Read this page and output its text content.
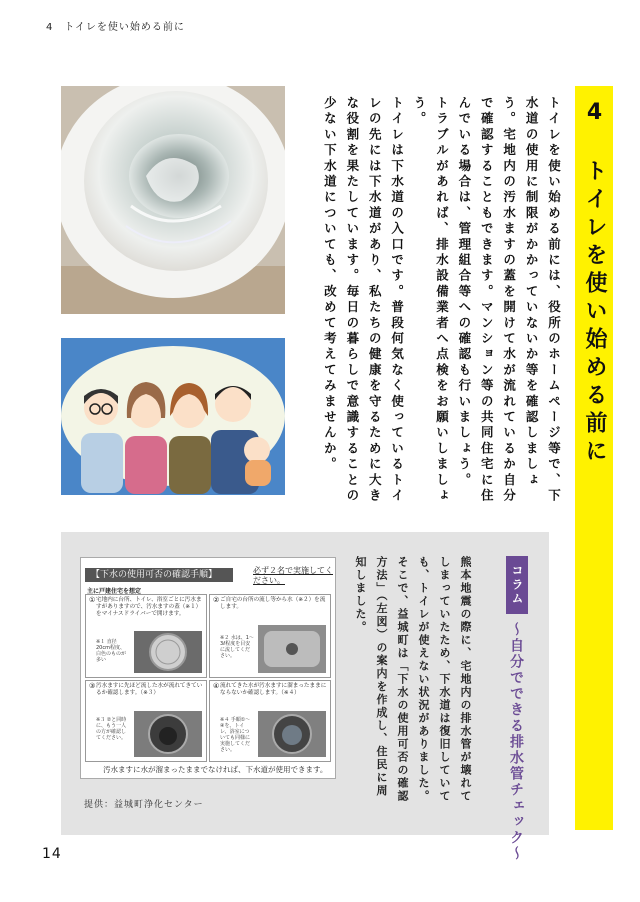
4　トイレを使い始める前に
4　トイレを使い始める前に

トイレを使い始める前には、役所のホームページ等で、下水道の使用に制限がかかっていないか等を確認しましょう。宅地内の汚水ますの蓋を開けて水が流れているか自分で確認することもできます。マンション等の共同住宅に住んでいる場合は、管理組合等への確認も行いましょう。

トラブルがあれば、排水設備業者へ点検をお願いしましょう。

トイレは下水道の入口です。普段何気なく使っているトイレの先には下水道があり、私たちの健康を守るために大きな役割を果たしています。毎日の暮らしで意識することの少ない下水道についても、改めて考えてみませんか。

【下水の使用可否の確認手順】	必ず２名で実施してください。
主に戸建住宅を想定
① 宅地内に台所、トイレ、浴室ごとに汚水ますがありますので、汚水ますの蓋（※１）をマイナスドライバーで開けます。
※１ 直径20cm程度、白色のものが多い
② ご自宅の台所の流し等から水（※２）を流します。
※２ 水は、1～3ℓ程度を目安に流してください。
③ 汚水ますに先ほど流した水が流れてきているか確認します。（※３）
※３ ②と同時に、もう一人の方が確認してください。
④ 流れてきた水が汚水ますに溜まったままにならないか確認します。（※４）
※４ 手順①～④を、トイレ、浴室についても同様に実施してください。
汚水ますに水が溜まったままでなければ、下水道が使用できます。
提供：益城町浄化センター
コラム
～自分でできる排水管チェック～

熊本地震の際に、宅地内の排水管が壊れてしまっていたため、下水道は復旧していても、トイレが使えない状況がありました。

そこで、益城町は「下水の使用可否の確認方法」（左図）の案内を作成し、住民に周知しました。

14
